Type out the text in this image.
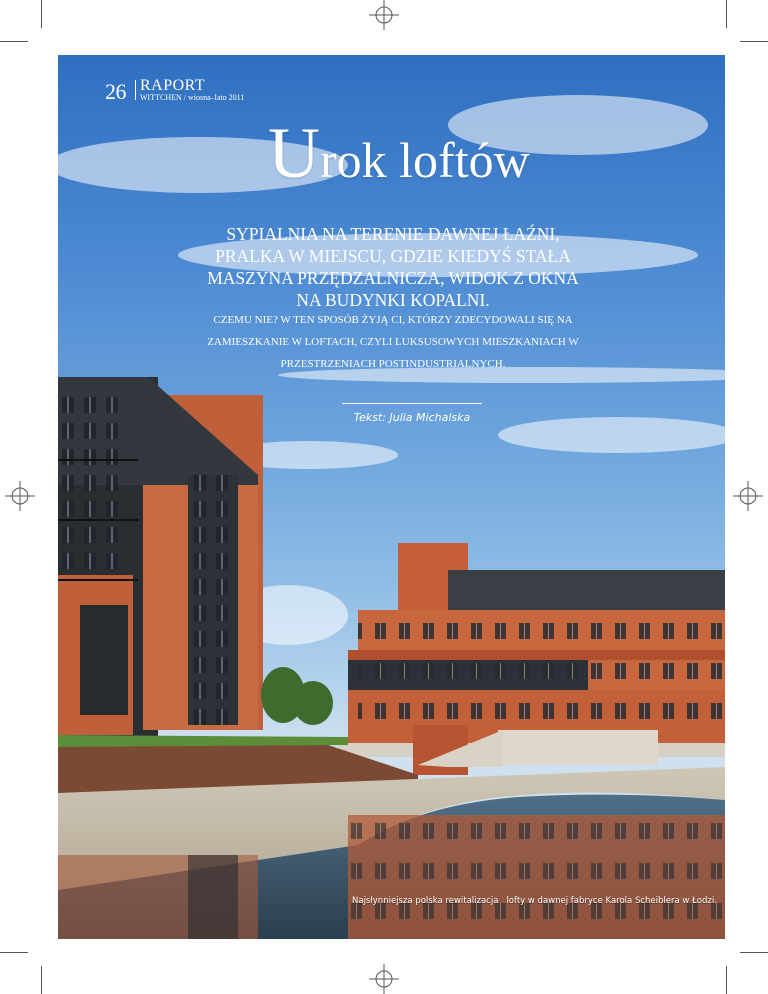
26 RAPORT
WITTCHEN / wiosna–lato 2011
Urok loftów
SYPIALNIA NA TERENIE DAWNEJ ŁAŹNI, PRALKA W MIEJSCU, GDZIE KIEDYŚ STAŁA MASZYNA PRZĘDZALNICZA, WIDOK Z OKNA NA BUDYNKI KOPALNI.
CZEMU NIE? W TEN SPOSÓB ŻYJĄ CI, KTÓRZY ZDECYDOWALI SIĘ NA ZAMIESZKANIE W LOFTACH, CZYLI LUKSUSOWYCH MIESZKANIACH W PRZESTRZENIACH POSTINDUSTRIALNYCH.
Tekst: Julia Michalska
Najsłynniejsza polska rewitalizacja lofty w dawnej fabryce Karola Scheiblera w Łodzi.
